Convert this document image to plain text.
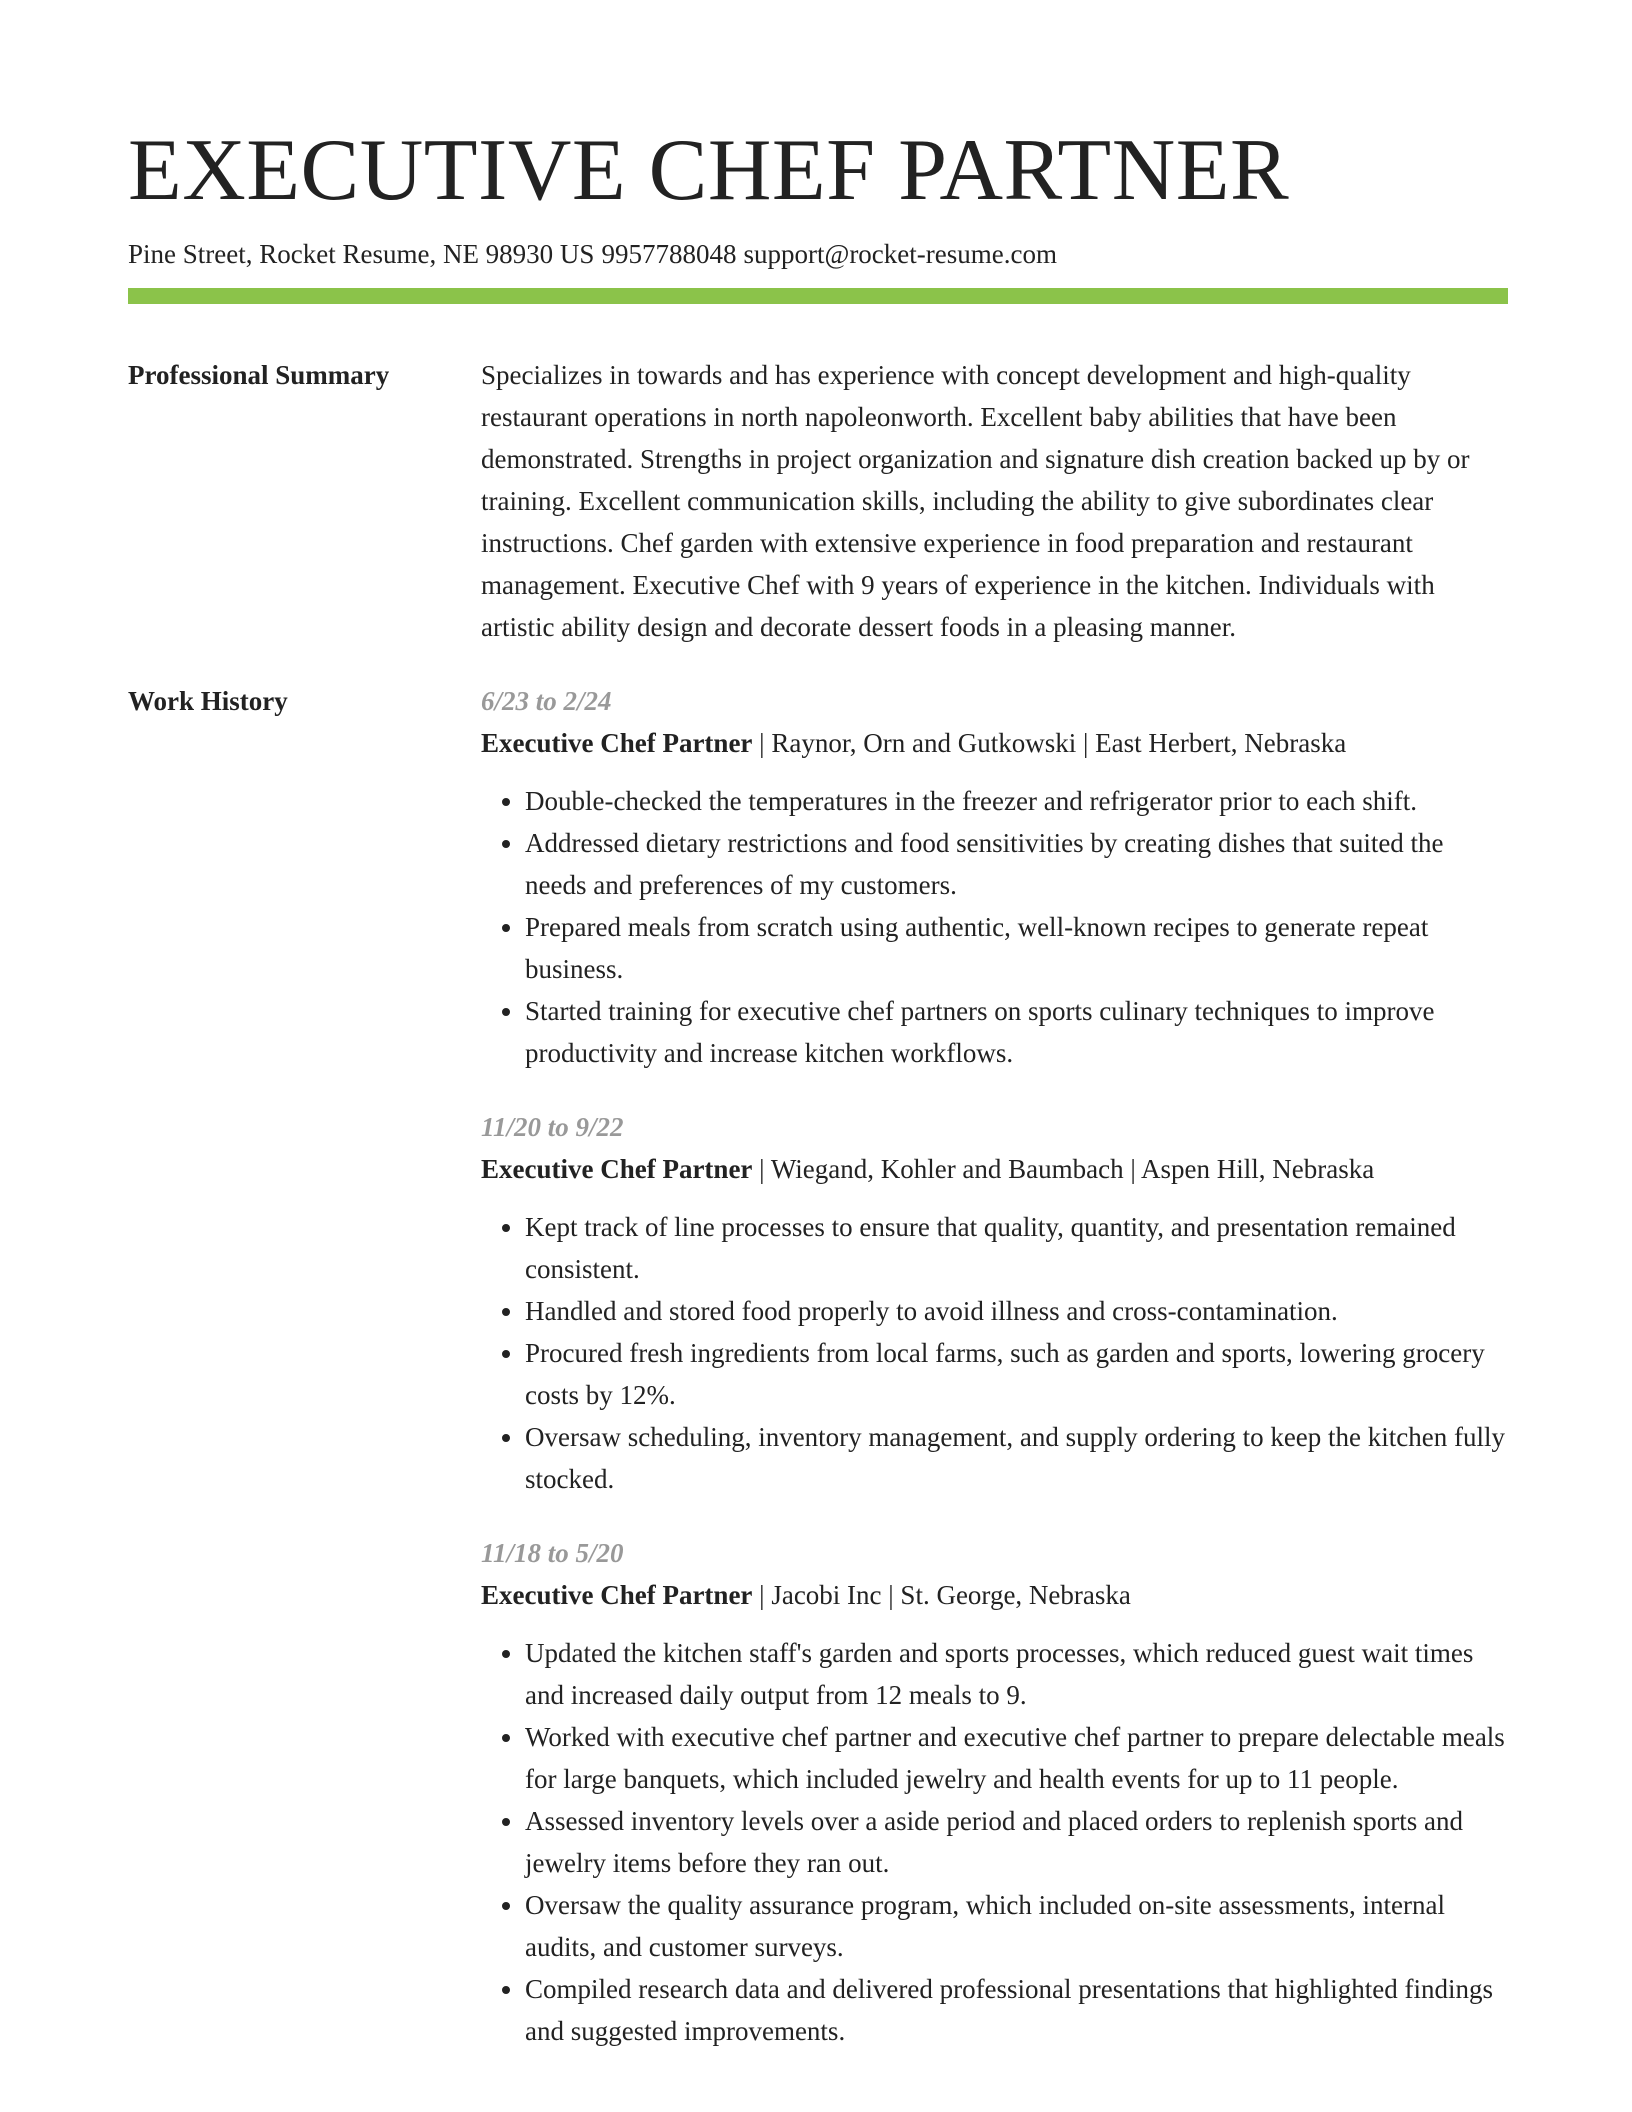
EXECUTIVE CHEF PARTNER
Pine Street, Rocket Resume, NE 98930 US 9957788048 support@rocket-resume.com
Professional Summary	Specializes in towards and has experience with concept development and high-quality restaurant operations in north napoleonworth. Excellent baby abilities that have been demonstrated. Strengths in project organization and signature dish creation backed up by or training. Excellent communication skills, including the ability to give subordinates clear instructions. Chef garden with extensive experience in food preparation and restaurant management. Executive Chef with 9 years of experience in the kitchen. Individuals with artistic ability design and decorate dessert foods in a pleasing manner.

Work History	6/23 to 2/24
Executive Chef Partner | Raynor, Orn and Gutkowski | East Herbert, Nebraska
• Double-checked the temperatures in the freezer and refrigerator prior to each shift.
• Addressed dietary restrictions and food sensitivities by creating dishes that suited the needs and preferences of my customers.
• Prepared meals from scratch using authentic, well-known recipes to generate repeat business.
• Started training for executive chef partners on sports culinary techniques to improve productivity and increase kitchen workflows.
11/20 to 9/22
Executive Chef Partner | Wiegand, Kohler and Baumbach | Aspen Hill, Nebraska
• Kept track of line processes to ensure that quality, quantity, and presentation remained consistent.
• Handled and stored food properly to avoid illness and cross-contamination.
• Procured fresh ingredients from local farms, such as garden and sports, lowering grocery costs by 12%.
• Oversaw scheduling, inventory management, and supply ordering to keep the kitchen fully stocked.
11/18 to 5/20
Executive Chef Partner | Jacobi Inc | St. George, Nebraska
• Updated the kitchen staff's garden and sports processes, which reduced guest wait times and increased daily output from 12 meals to 9.
• Worked with executive chef partner and executive chef partner to prepare delectable meals for large banquets, which included jewelry and health events for up to 11 people.
• Assessed inventory levels over a aside period and placed orders to replenish sports and jewelry items before they ran out.
• Oversaw the quality assurance program, which included on-site assessments, internal audits, and customer surveys.
• Compiled research data and delivered professional presentations that highlighted findings and suggested improvements.
